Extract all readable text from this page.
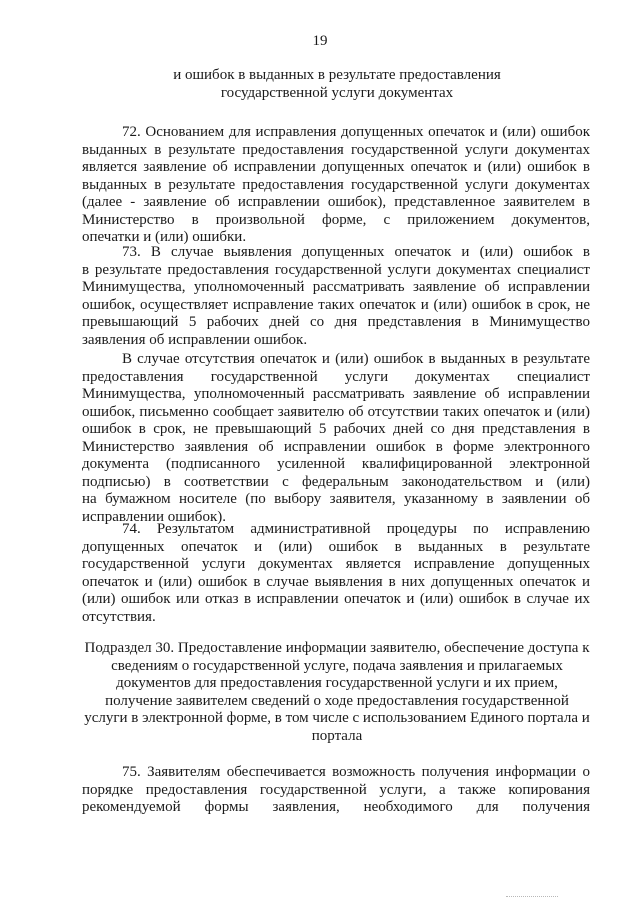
19
и ошибок в выданных в результате предоставления
государственной услуги документах
72. Основанием для исправления допущенных опечаток и (или) ошибок
выданных в результате предоставления государственной услуги документах
является заявление об исправлении допущенных опечаток и (или) ошибок в
выданных в результате предоставления государственной услуги документах
(далее - заявление об исправлении ошибок), представленное заявителем в
Министерство в произвольной форме, с приложением документов,
опечатки и (или) ошибки.
73. В случае выявления допущенных опечаток и (или) ошибок в
в результате предоставления государственной услуги документах специалист
Минимущества, уполномоченный рассматривать заявление об исправлении
ошибок, осуществляет исправление таких опечаток и (или) ошибок в срок, не
превышающий 5 рабочих дней со дня представления в Минимущество
заявления об исправлении ошибок.
В случае отсутствия опечаток и (или) ошибок в выданных в результате
предоставления государственной услуги документах специалист
Минимущества, уполномоченный рассматривать заявление об исправлении
ошибок, письменно сообщает заявителю об отсутствии таких опечаток и (или)
ошибок в срок, не превышающий 5 рабочих дней со дня представления в
Министерство заявления об исправлении ошибок в форме электронного
документа (подписанного усиленной квалифицированной электронной
подписью) в соответствии с федеральным законодательством и (или)
на бумажном носителе (по выбору заявителя, указанному в заявлении об
исправлении ошибок).
74. Результатом административной процедуры по исправлению
допущенных опечаток и (или) ошибок в выданных в результате
государственной услуги документах является исправление допущенных
опечаток и (или) ошибок в случае выявления в них допущенных опечаток и
(или) ошибок или отказ в исправлении опечаток и (или) ошибок в случае их
отсутствия.
Подраздел 30. Предоставление информации заявителю, обеспечение доступа к
сведениям о государственной услуге, подача заявления и прилагаемых
документов для предоставления государственной услуги и их прием,
получение заявителем сведений о ходе предоставления государственной
услуги в электронной форме, в том числе с использованием Единого портала и
портала
75. Заявителям обеспечивается возможность получения информации о
порядке предоставления государственной услуги, а также копирования
рекомендуемой формы заявления, необходимого для получения
